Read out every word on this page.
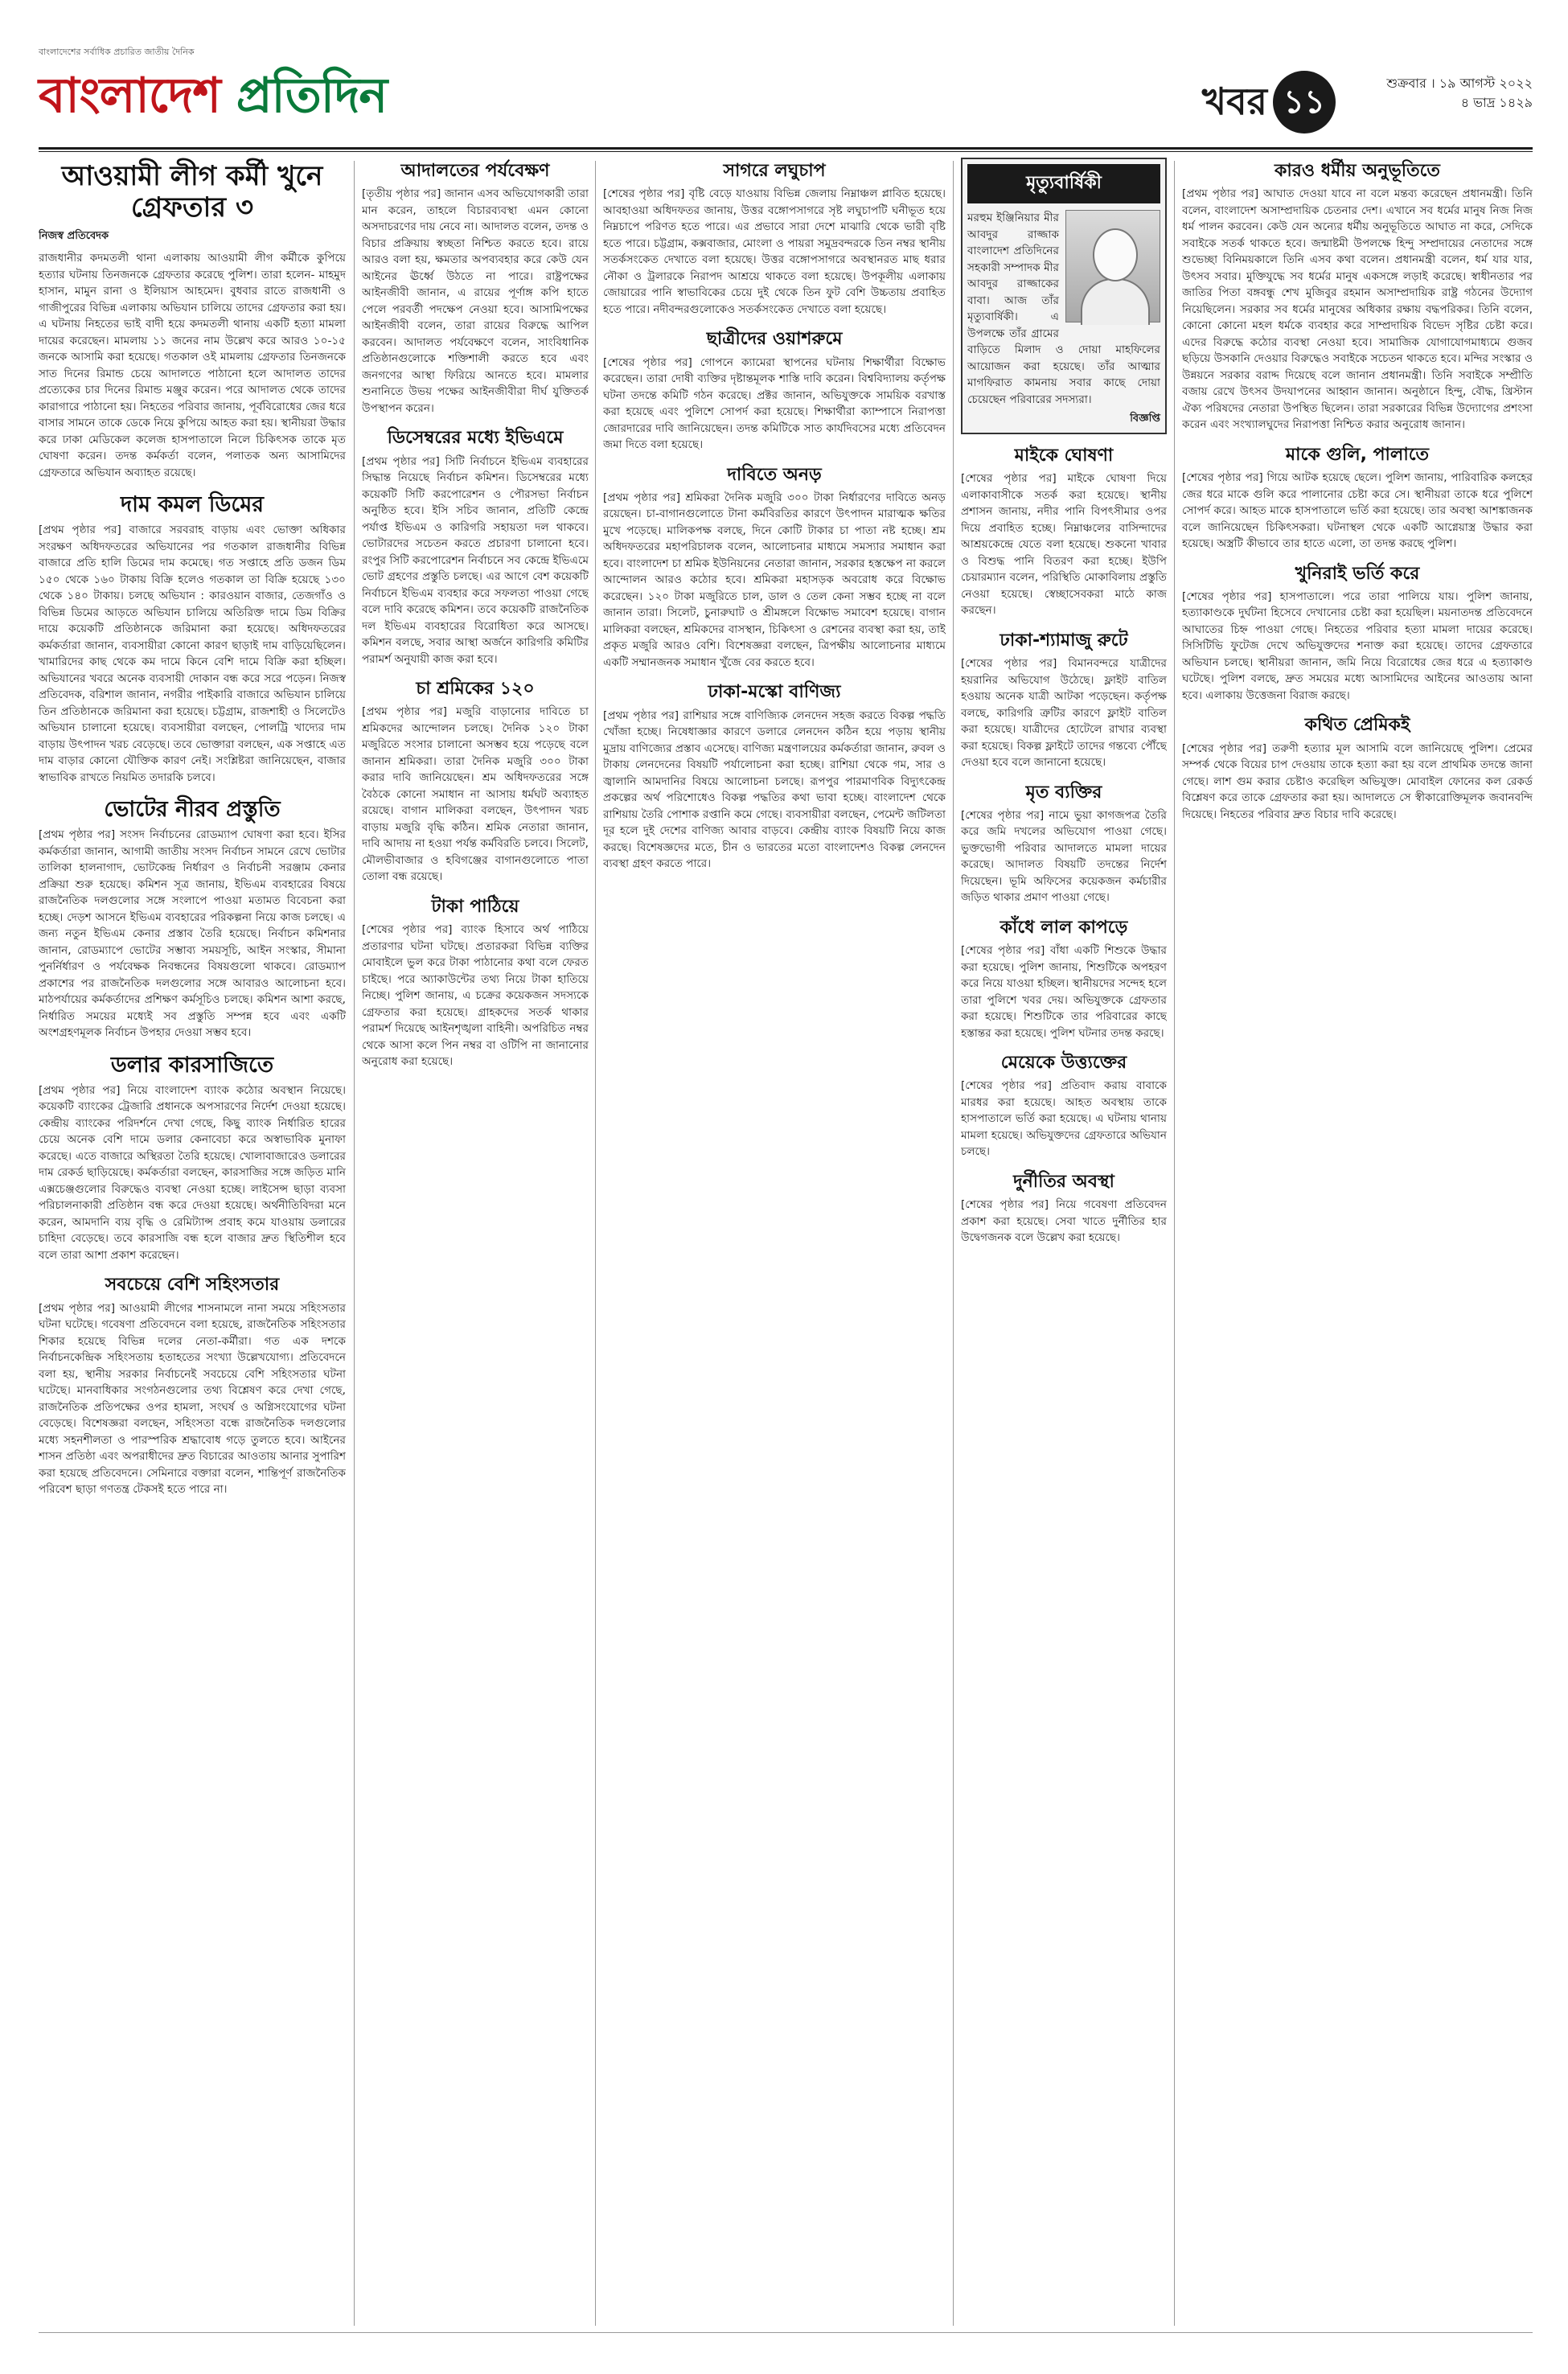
বাংলাদেশের সর্বাধিক প্রচারিত জাতীয় দৈনিক
বাংলাদেশ প্রতিদিন	খবর ১১
শুক্রবার । ১৯ আগস্ট ২০২২
৪ ভাদ্র ১৪২৯
আওয়ামী লীগ কর্মী খুনে গ্রেফতার ৩
নিজস্ব প্রতিবেদক
রাজধানীর কদমতলী থানা এলাকায় আওয়ামী লীগ কর্মীকে কুপিয়ে হত্যার ঘটনায় তিনজনকে গ্রেফতার করেছে পুলিশ। তারা হলেন- মাহমুদ হাসান, মামুন রানা ও ইলিয়াস আহমেদ। বুধবার রাতে রাজধানী ও গাজীপুরের বিভিন্ন এলাকায় অভিযান চালিয়ে তাদের গ্রেফতার করা হয়। এ ঘটনায় নিহতের ভাই বাদী হয়ে কদমতলী থানায় একটি হত্যা মামলা দায়ের করেছেন। মামলায় ১১ জনের নাম উল্লেখ করে আরও ১০-১৫ জনকে আসামি করা হয়েছে। গতকাল ওই মামলায় গ্রেফতার তিনজনকে সাত দিনের রিমান্ড চেয়ে আদালতে পাঠানো হলে আদালত তাদের প্রত্যেকের চার দিনের রিমান্ড মঞ্জুর করেন। পরে আদালত থেকে তাদের কারাগারে পাঠানো হয়। নিহতের পরিবার জানায়, পূর্ববিরোধের জের ধরে বাসার সামনে তাকে ডেকে নিয়ে কুপিয়ে আহত করা হয়। স্থানীয়রা উদ্ধার করে ঢাকা মেডিকেল কলেজ হাসপাতালে নিলে চিকিৎসক তাকে মৃত ঘোষণা করেন। তদন্ত কর্মকর্তা বলেন, পলাতক অন্য আসামিদের গ্রেফতারে অভিযান অব্যাহত রয়েছে।
দাম কমল ডিমের
[প্রথম পৃষ্ঠার পর] বাজারে সরবরাহ বাড়ায় এবং ভোক্তা অধিকার সংরক্ষণ অধিদফতরের অভিযানের পর গতকাল রাজধানীর বিভিন্ন বাজারে প্রতি হালি ডিমের দাম কমেছে। গত সপ্তাহে প্রতি ডজন ডিম ১৫০ থেকে ১৬০ টাকায় বিক্রি হলেও গতকাল তা বিক্রি হয়েছে ১৩০ থেকে ১৪০ টাকায়। চলছে অভিযান : কারওয়ান বাজার, তেজগাঁও ও বিভিন্ন ডিমের আড়তে অভিযান চালিয়ে অতিরিক্ত দামে ডিম বিক্রির দায়ে কয়েকটি প্রতিষ্ঠানকে জরিমানা করা হয়েছে। অধিদফতরের কর্মকর্তারা জানান, ব্যবসায়ীরা কোনো কারণ ছাড়াই দাম বাড়িয়েছিলেন। খামারিদের কাছ থেকে কম দামে কিনে বেশি দামে বিক্রি করা হচ্ছিল। অভিযানের খবরে অনেক ব্যবসায়ী দোকান বন্ধ করে সরে পড়েন। নিজস্ব প্রতিবেদক, বরিশাল জানান, নগরীর পাইকারি বাজারে অভিযান চালিয়ে তিন প্রতিষ্ঠানকে জরিমানা করা হয়েছে। চট্টগ্রাম, রাজশাহী ও সিলেটেও অভিযান চালানো হয়েছে। ব্যবসায়ীরা বলছেন, পোলট্রি খাদ্যের দাম বাড়ায় উৎপাদন খরচ বেড়েছে। তবে ভোক্তারা বলছেন, এক সপ্তাহে এত দাম বাড়ার কোনো যৌক্তিক কারণ নেই। সংশ্লিষ্টরা জানিয়েছেন, বাজার স্বাভাবিক রাখতে নিয়মিত তদারকি চলবে।
ভোটের নীরব প্রস্তুতি
[প্রথম পৃষ্ঠার পর] সংসদ নির্বাচনের রোডম্যাপ ঘোষণা করা হবে। ইসির কর্মকর্তারা জানান, আগামী জাতীয় সংসদ নির্বাচন সামনে রেখে ভোটার তালিকা হালনাগাদ, ভোটকেন্দ্র নির্ধারণ ও নির্বাচনী সরঞ্জাম কেনার প্রক্রিয়া শুরু হয়েছে। কমিশন সূত্র জানায়, ইভিএম ব্যবহারের বিষয়ে রাজনৈতিক দলগুলোর সঙ্গে সংলাপে পাওয়া মতামত বিবেচনা করা হচ্ছে। দেড়শ আসনে ইভিএম ব্যবহারের পরিকল্পনা নিয়ে কাজ চলছে। এ জন্য নতুন ইভিএম কেনার প্রস্তাব তৈরি হয়েছে। নির্বাচন কমিশনার জানান, রোডম্যাপে ভোটের সম্ভাব্য সময়সূচি, আইন সংস্কার, সীমানা পুনর্নির্ধারণ ও পর্যবেক্ষক নিবন্ধনের বিষয়গুলো থাকবে। রোডম্যাপ প্রকাশের পর রাজনৈতিক দলগুলোর সঙ্গে আবারও আলোচনা হবে। মাঠপর্যায়ের কর্মকর্তাদের প্রশিক্ষণ কর্মসূচিও চলছে। কমিশন আশা করছে, নির্ধারিত সময়ের মধ্যেই সব প্রস্তুতি সম্পন্ন হবে এবং একটি অংশগ্রহণমূলক নির্বাচন উপহার দেওয়া সম্ভব হবে।
ডলার কারসাজিতে
[প্রথম পৃষ্ঠার পর] নিয়ে বাংলাদেশ ব্যাংক কঠোর অবস্থান নিয়েছে। কয়েকটি ব্যাংকের ট্রেজারি প্রধানকে অপসারণের নির্দেশ দেওয়া হয়েছে। কেন্দ্রীয় ব্যাংকের পরিদর্শনে দেখা গেছে, কিছু ব্যাংক নির্ধারিত হারের চেয়ে অনেক বেশি দামে ডলার কেনাবেচা করে অস্বাভাবিক মুনাফা করেছে। এতে বাজারে অস্থিরতা তৈরি হয়েছে। খোলাবাজারেও ডলারের দাম রেকর্ড ছাড়িয়েছে। কর্মকর্তারা বলছেন, কারসাজির সঙ্গে জড়িত মানি এক্সচেঞ্জগুলোর বিরুদ্ধেও ব্যবস্থা নেওয়া হচ্ছে। লাইসেন্স ছাড়া ব্যবসা পরিচালনাকারী প্রতিষ্ঠান বন্ধ করে দেওয়া হয়েছে। অর্থনীতিবিদরা মনে করেন, আমদানি ব্যয় বৃদ্ধি ও রেমিট্যান্স প্রবাহ কমে যাওয়ায় ডলারের চাহিদা বেড়েছে। তবে কারসাজি বন্ধ হলে বাজার দ্রুত স্থিতিশীল হবে বলে তারা আশা প্রকাশ করেছেন।
সবচেয়ে বেশি সহিংসতার
[প্রথম পৃষ্ঠার পর] আওয়ামী লীগের শাসনামলে নানা সময়ে সহিংসতার ঘটনা ঘটেছে। গবেষণা প্রতিবেদনে বলা হয়েছে, রাজনৈতিক সহিংসতার শিকার হয়েছে বিভিন্ন দলের নেতা-কর্মীরা। গত এক দশকে নির্বাচনকেন্দ্রিক সহিংসতায় হতাহতের সংখ্যা উল্লেখযোগ্য। প্রতিবেদনে বলা হয়, স্থানীয় সরকার নির্বাচনেই সবচেয়ে বেশি সহিংসতার ঘটনা ঘটেছে। মানবাধিকার সংগঠনগুলোর তথ্য বিশ্লেষণ করে দেখা গেছে, রাজনৈতিক প্রতিপক্ষের ওপর হামলা, সংঘর্ষ ও অগ্নিসংযোগের ঘটনা বেড়েছে। বিশেষজ্ঞরা বলছেন, সহিংসতা বন্ধে রাজনৈতিক দলগুলোর মধ্যে সহনশীলতা ও পারস্পরিক শ্রদ্ধাবোধ গড়ে তুলতে হবে। আইনের শাসন প্রতিষ্ঠা এবং অপরাধীদের দ্রুত বিচারের আওতায় আনার সুপারিশ করা হয়েছে প্রতিবেদনে। সেমিনারে বক্তারা বলেন, শান্তিপূর্ণ রাজনৈতিক পরিবেশ ছাড়া গণতন্ত্র টেকসই হতে পারে না।
আদালতের পর্যবেক্ষণ
[তৃতীয় পৃষ্ঠার পর] জানান এসব অভিযোগকারী তারা মান করেন, তাহলে বিচারব্যবস্থা এমন কোনো অসদাচরণের দায় নেবে না। আদালত বলেন, তদন্ত ও বিচার প্রক্রিয়ায় স্বচ্ছতা নিশ্চিত করতে হবে। রায়ে আরও বলা হয়, ক্ষমতার অপব্যবহার করে কেউ যেন আইনের ঊর্ধ্বে উঠতে না পারে। রাষ্ট্রপক্ষের আইনজীবী জানান, এ রায়ের পূর্ণাঙ্গ কপি হাতে পেলে পরবর্তী পদক্ষেপ নেওয়া হবে। আসামিপক্ষের আইনজীবী বলেন, তারা রায়ের বিরুদ্ধে আপিল করবেন। আদালত পর্যবেক্ষণে বলেন, সাংবিধানিক প্রতিষ্ঠানগুলোকে শক্তিশালী করতে হবে এবং জনগণের আস্থা ফিরিয়ে আনতে হবে। মামলার শুনানিতে উভয় পক্ষের আইনজীবীরা দীর্ঘ যুক্তিতর্ক উপস্থাপন করেন।
ডিসেম্বরের মধ্যে ইভিএমে
[প্রথম পৃষ্ঠার পর] সিটি নির্বাচনে ইভিএম ব্যবহারের সিদ্ধান্ত নিয়েছে নির্বাচন কমিশন। ডিসেম্বরের মধ্যে কয়েকটি সিটি করপোরেশন ও পৌরসভা নির্বাচন অনুষ্ঠিত হবে। ইসি সচিব জানান, প্রতিটি কেন্দ্রে পর্যাপ্ত ইভিএম ও কারিগরি সহায়তা দল থাকবে। ভোটারদের সচেতন করতে প্রচারণা চালানো হবে। রংপুর সিটি করপোরেশন নির্বাচনে সব কেন্দ্রে ইভিএমে ভোট গ্রহণের প্রস্তুতি চলছে। এর আগে বেশ কয়েকটি নির্বাচনে ইভিএম ব্যবহার করে সফলতা পাওয়া গেছে বলে দাবি করেছে কমিশন। তবে কয়েকটি রাজনৈতিক দল ইভিএম ব্যবহারের বিরোধিতা করে আসছে। কমিশন বলছে, সবার আস্থা অর্জনে কারিগরি কমিটির পরামর্শ অনুযায়ী কাজ করা হবে।
চা শ্রমিকের ১২০
[প্রথম পৃষ্ঠার পর] মজুরি বাড়ানোর দাবিতে চা শ্রমিকদের আন্দোলন চলছে। দৈনিক ১২০ টাকা মজুরিতে সংসার চালানো অসম্ভব হয়ে পড়েছে বলে জানান শ্রমিকরা। তারা দৈনিক মজুরি ৩০০ টাকা করার দাবি জানিয়েছেন। শ্রম অধিদফতরের সঙ্গে বৈঠকে কোনো সমাধান না আসায় ধর্মঘট অব্যাহত রয়েছে। বাগান মালিকরা বলছেন, উৎপাদন খরচ বাড়ায় মজুরি বৃদ্ধি কঠিন। শ্রমিক নেতারা জানান, দাবি আদায় না হওয়া পর্যন্ত কর্মবিরতি চলবে। সিলেট, মৌলভীবাজার ও হবিগঞ্জের বাগানগুলোতে পাতা তোলা বন্ধ রয়েছে।
টাকা পাঠিয়ে
[শেষের পৃষ্ঠার পর] ব্যাংক হিসাবে অর্থ পাঠিয়ে প্রতারণার ঘটনা ঘটছে। প্রতারকরা বিভিন্ন ব্যক্তির মোবাইলে ভুল করে টাকা পাঠানোর কথা বলে ফেরত চাইছে। পরে অ্যাকাউন্টের তথ্য নিয়ে টাকা হাতিয়ে নিচ্ছে। পুলিশ জানায়, এ চক্রের কয়েকজন সদস্যকে গ্রেফতার করা হয়েছে। গ্রাহকদের সতর্ক থাকার পরামর্শ দিয়েছে আইনশৃঙ্খলা বাহিনী। অপরিচিত নম্বর থেকে আসা কলে পিন নম্বর বা ওটিপি না জানানোর অনুরোধ করা হয়েছে।
সাগরে লঘুচাপ
[শেষের পৃষ্ঠার পর] বৃষ্টি বেড়ে যাওয়ায় বিভিন্ন জেলায় নিম্নাঞ্চল প্লাবিত হয়েছে। আবহাওয়া অধিদফতর জানায়, উত্তর বঙ্গোপসাগরে সৃষ্ট লঘুচাপটি ঘনীভূত হয়ে নিম্নচাপে পরিণত হতে পারে। এর প্রভাবে সারা দেশে মাঝারি থেকে ভারী বৃষ্টি হতে পারে। চট্টগ্রাম, কক্সবাজার, মোংলা ও পায়রা সমুদ্রবন্দরকে তিন নম্বর স্থানীয় সতর্কসংকেত দেখাতে বলা হয়েছে। উত্তর বঙ্গোপসাগরে অবস্থানরত মাছ ধরার নৌকা ও ট্রলারকে নিরাপদ আশ্রয়ে থাকতে বলা হয়েছে। উপকূলীয় এলাকায় জোয়ারের পানি স্বাভাবিকের চেয়ে দুই থেকে তিন ফুট বেশি উচ্চতায় প্রবাহিত হতে পারে। নদীবন্দরগুলোকেও সতর্কসংকেত দেখাতে বলা হয়েছে।
ছাত্রীদের ওয়াশরুমে
[শেষের পৃষ্ঠার পর] গোপনে ক্যামেরা স্থাপনের ঘটনায় শিক্ষার্থীরা বিক্ষোভ করেছেন। তারা দোষী ব্যক্তির দৃষ্টান্তমূলক শাস্তি দাবি করেন। বিশ্ববিদ্যালয় কর্তৃপক্ষ ঘটনা তদন্তে কমিটি গঠন করেছে। প্রক্টর জানান, অভিযুক্তকে সাময়িক বরখাস্ত করা হয়েছে এবং পুলিশে সোপর্দ করা হয়েছে। শিক্ষার্থীরা ক্যাম্পাসে নিরাপত্তা জোরদারের দাবি জানিয়েছেন। তদন্ত কমিটিকে সাত কার্যদিবসের মধ্যে প্রতিবেদন জমা দিতে বলা হয়েছে।
দাবিতে অনড়
[প্রথম পৃষ্ঠার পর] শ্রমিকরা দৈনিক মজুরি ৩০০ টাকা নির্ধারণের দাবিতে অনড় রয়েছেন। চা-বাগানগুলোতে টানা কর্মবিরতির কারণে উৎপাদন মারাত্মক ক্ষতির মুখে পড়েছে। মালিকপক্ষ বলছে, দিনে কোটি টাকার চা পাতা নষ্ট হচ্ছে। শ্রম অধিদফতরের মহাপরিচালক বলেন, আলোচনার মাধ্যমে সমস্যার সমাধান করা হবে। বাংলাদেশ চা শ্রমিক ইউনিয়নের নেতারা জানান, সরকার হস্তক্ষেপ না করলে আন্দোলন আরও কঠোর হবে। শ্রমিকরা মহাসড়ক অবরোধ করে বিক্ষোভ করেছেন। ১২০ টাকা মজুরিতে চাল, ডাল ও তেল কেনা সম্ভব হচ্ছে না বলে জানান তারা। সিলেট, চুনারুঘাট ও শ্রীমঙ্গলে বিক্ষোভ সমাবেশ হয়েছে। বাগান মালিকরা বলছেন, শ্রমিকদের বাসস্থান, চিকিৎসা ও রেশনের ব্যবস্থা করা হয়, তাই প্রকৃত মজুরি আরও বেশি। বিশেষজ্ঞরা বলছেন, ত্রিপক্ষীয় আলোচনার মাধ্যমে একটি সম্মানজনক সমাধান খুঁজে বের করতে হবে।
ঢাকা-মস্কো বাণিজ্য
[প্রথম পৃষ্ঠার পর] রাশিয়ার সঙ্গে বাণিজ্যিক লেনদেন সহজ করতে বিকল্প পদ্ধতি খোঁজা হচ্ছে। নিষেধাজ্ঞার কারণে ডলারে লেনদেন কঠিন হয়ে পড়ায় স্থানীয় মুদ্রায় বাণিজ্যের প্রস্তাব এসেছে। বাণিজ্য মন্ত্রণালয়ের কর্মকর্তারা জানান, রুবল ও টাকায় লেনদেনের বিষয়টি পর্যালোচনা করা হচ্ছে। রাশিয়া থেকে গম, সার ও জ্বালানি আমদানির বিষয়ে আলোচনা চলছে। রূপপুর পারমাণবিক বিদ্যুৎকেন্দ্র প্রকল্পের অর্থ পরিশোধেও বিকল্প পদ্ধতির কথা ভাবা হচ্ছে। বাংলাদেশ থেকে রাশিয়ায় তৈরি পোশাক রপ্তানি কমে গেছে। ব্যবসায়ীরা বলছেন, পেমেন্ট জটিলতা দূর হলে দুই দেশের বাণিজ্য আবার বাড়বে। কেন্দ্রীয় ব্যাংক বিষয়টি নিয়ে কাজ করছে। বিশেষজ্ঞদের মতে, চীন ও ভারতের মতো বাংলাদেশও বিকল্প লেনদেন ব্যবস্থা গ্রহণ করতে পারে।
মৃত্যুবার্ষিকী
মরহুম ইঞ্জিনিয়ার মীর আবদুর রাজ্জাক বাংলাদেশ প্রতিদিনের সহকারী সম্পাদক মীর আবদুর রাজ্জাকের বাবা। আজ তাঁর মৃত্যুবার্ষিকী। এ উপলক্ষে তাঁর গ্রামের বাড়িতে মিলাদ ও দোয়া মাহফিলের আয়োজন করা হয়েছে। তাঁর আত্মার মাগফিরাত কামনায় সবার কাছে দোয়া চেয়েছেন পরিবারের সদস্যরা।
বিজ্ঞপ্তি
মাইকে ঘোষণা
[শেষের পৃষ্ঠার পর] মাইকে ঘোষণা দিয়ে এলাকাবাসীকে সতর্ক করা হয়েছে। স্থানীয় প্রশাসন জানায়, নদীর পানি বিপৎসীমার ওপর দিয়ে প্রবাহিত হচ্ছে। নিম্নাঞ্চলের বাসিন্দাদের আশ্রয়কেন্দ্রে যেতে বলা হয়েছে। শুকনো খাবার ও বিশুদ্ধ পানি বিতরণ করা হচ্ছে। ইউপি চেয়ারম্যান বলেন, পরিস্থিতি মোকাবিলায় প্রস্তুতি নেওয়া হয়েছে। স্বেচ্ছাসেবকরা মাঠে কাজ করছেন।
ঢাকা-শ্যামাজু রুটে
[শেষের পৃষ্ঠার পর] বিমানবন্দরে যাত্রীদের হয়রানির অভিযোগ উঠেছে। ফ্লাইট বাতিল হওয়ায় অনেক যাত্রী আটকা পড়েছেন। কর্তৃপক্ষ বলছে, কারিগরি ত্রুটির কারণে ফ্লাইট বাতিল করা হয়েছে। যাত্রীদের হোটেলে রাখার ব্যবস্থা করা হয়েছে। বিকল্প ফ্লাইটে তাদের গন্তব্যে পৌঁছে দেওয়া হবে বলে জানানো হয়েছে।
মৃত ব্যক্তির
[শেষের পৃষ্ঠার পর] নামে ভুয়া কাগজপত্র তৈরি করে জমি দখলের অভিযোগ পাওয়া গেছে। ভুক্তভোগী পরিবার আদালতে মামলা দায়ের করেছে। আদালত বিষয়টি তদন্তের নির্দেশ দিয়েছেন। ভূমি অফিসের কয়েকজন কর্মচারীর জড়িত থাকার প্রমাণ পাওয়া গেছে।
কাঁধে লাল কাপড়ে
[শেষের পৃষ্ঠার পর] বাঁধা একটি শিশুকে উদ্ধার করা হয়েছে। পুলিশ জানায়, শিশুটিকে অপহরণ করে নিয়ে যাওয়া হচ্ছিল। স্থানীয়দের সন্দেহ হলে তারা পুলিশে খবর দেয়। অভিযুক্তকে গ্রেফতার করা হয়েছে। শিশুটিকে তার পরিবারের কাছে হস্তান্তর করা হয়েছে। পুলিশ ঘটনার তদন্ত করছে।
মেয়েকে উত্ত্যক্তের
[শেষের পৃষ্ঠার পর] প্রতিবাদ করায় বাবাকে মারধর করা হয়েছে। আহত অবস্থায় তাকে হাসপাতালে ভর্তি করা হয়েছে। এ ঘটনায় থানায় মামলা হয়েছে। অভিযুক্তদের গ্রেফতারে অভিযান চলছে।
দুর্নীতির অবস্থা
[শেষের পৃষ্ঠার পর] নিয়ে গবেষণা প্রতিবেদন প্রকাশ করা হয়েছে। সেবা খাতে দুর্নীতির হার উদ্বেগজনক বলে উল্লেখ করা হয়েছে।
কারও ধর্মীয় অনুভূতিতে
[প্রথম পৃষ্ঠার পর] আঘাত দেওয়া যাবে না বলে মন্তব্য করেছেন প্রধানমন্ত্রী। তিনি বলেন, বাংলাদেশ অসাম্প্রদায়িক চেতনার দেশ। এখানে সব ধর্মের মানুষ নিজ নিজ ধর্ম পালন করবেন। কেউ যেন অন্যের ধর্মীয় অনুভূতিতে আঘাত না করে, সেদিকে সবাইকে সতর্ক থাকতে হবে। জন্মাষ্টমী উপলক্ষে হিন্দু সম্প্রদায়ের নেতাদের সঙ্গে শুভেচ্ছা বিনিময়কালে তিনি এসব কথা বলেন। প্রধানমন্ত্রী বলেন, ধর্ম যার যার, উৎসব সবার। মুক্তিযুদ্ধে সব ধর্মের মানুষ একসঙ্গে লড়াই করেছে। স্বাধীনতার পর জাতির পিতা বঙ্গবন্ধু শেখ মুজিবুর রহমান অসাম্প্রদায়িক রাষ্ট্র গঠনের উদ্যোগ নিয়েছিলেন। সরকার সব ধর্মের মানুষের অধিকার রক্ষায় বদ্ধপরিকর। তিনি বলেন, কোনো কোনো মহল ধর্মকে ব্যবহার করে সাম্প্রদায়িক বিভেদ সৃষ্টির চেষ্টা করে। এদের বিরুদ্ধে কঠোর ব্যবস্থা নেওয়া হবে। সামাজিক যোগাযোগমাধ্যমে গুজব ছড়িয়ে উসকানি দেওয়ার বিরুদ্ধেও সবাইকে সচেতন থাকতে হবে। মন্দির সংস্কার ও উন্নয়নে সরকার বরাদ্দ দিয়েছে বলে জানান প্রধানমন্ত্রী। তিনি সবাইকে সম্প্রীতি বজায় রেখে উৎসব উদযাপনের আহ্বান জানান। অনুষ্ঠানে হিন্দু, বৌদ্ধ, খ্রিস্টান ঐক্য পরিষদের নেতারা উপস্থিত ছিলেন। তারা সরকারের বিভিন্ন উদ্যোগের প্রশংসা করেন এবং সংখ্যালঘুদের নিরাপত্তা নিশ্চিত করার অনুরোধ জানান।
মাকে গুলি, পালাতে
[শেষের পৃষ্ঠার পর] গিয়ে আটক হয়েছে ছেলে। পুলিশ জানায়, পারিবারিক কলহের জের ধরে মাকে গুলি করে পালানোর চেষ্টা করে সে। স্থানীয়রা তাকে ধরে পুলিশে সোপর্দ করে। আহত মাকে হাসপাতালে ভর্তি করা হয়েছে। তার অবস্থা আশঙ্কাজনক বলে জানিয়েছেন চিকিৎসকরা। ঘটনাস্থল থেকে একটি আগ্নেয়াস্ত্র উদ্ধার করা হয়েছে। অস্ত্রটি কীভাবে তার হাতে এলো, তা তদন্ত করছে পুলিশ।
খুনিরাই ভর্তি করে
[শেষের পৃষ্ঠার পর] হাসপাতালে। পরে তারা পালিয়ে যায়। পুলিশ জানায়, হত্যাকাণ্ডকে দুর্ঘটনা হিসেবে দেখানোর চেষ্টা করা হয়েছিল। ময়নাতদন্ত প্রতিবেদনে আঘাতের চিহ্ন পাওয়া গেছে। নিহতের পরিবার হত্যা মামলা দায়ের করেছে। সিসিটিভি ফুটেজ দেখে অভিযুক্তদের শনাক্ত করা হয়েছে। তাদের গ্রেফতারে অভিযান চলছে। স্থানীয়রা জানান, জমি নিয়ে বিরোধের জের ধরে এ হত্যাকাণ্ড ঘটেছে। পুলিশ বলছে, দ্রুত সময়ের মধ্যে আসামিদের আইনের আওতায় আনা হবে। এলাকায় উত্তেজনা বিরাজ করছে।
কথিত প্রেমিকই
[শেষের পৃষ্ঠার পর] তরুণী হত্যার মূল আসামি বলে জানিয়েছে পুলিশ। প্রেমের সম্পর্ক থেকে বিয়ের চাপ দেওয়ায় তাকে হত্যা করা হয় বলে প্রাথমিক তদন্তে জানা গেছে। লাশ গুম করার চেষ্টাও করেছিল অভিযুক্ত। মোবাইল ফোনের কল রেকর্ড বিশ্লেষণ করে তাকে গ্রেফতার করা হয়। আদালতে সে স্বীকারোক্তিমূলক জবানবন্দি দিয়েছে। নিহতের পরিবার দ্রুত বিচার দাবি করেছে।
